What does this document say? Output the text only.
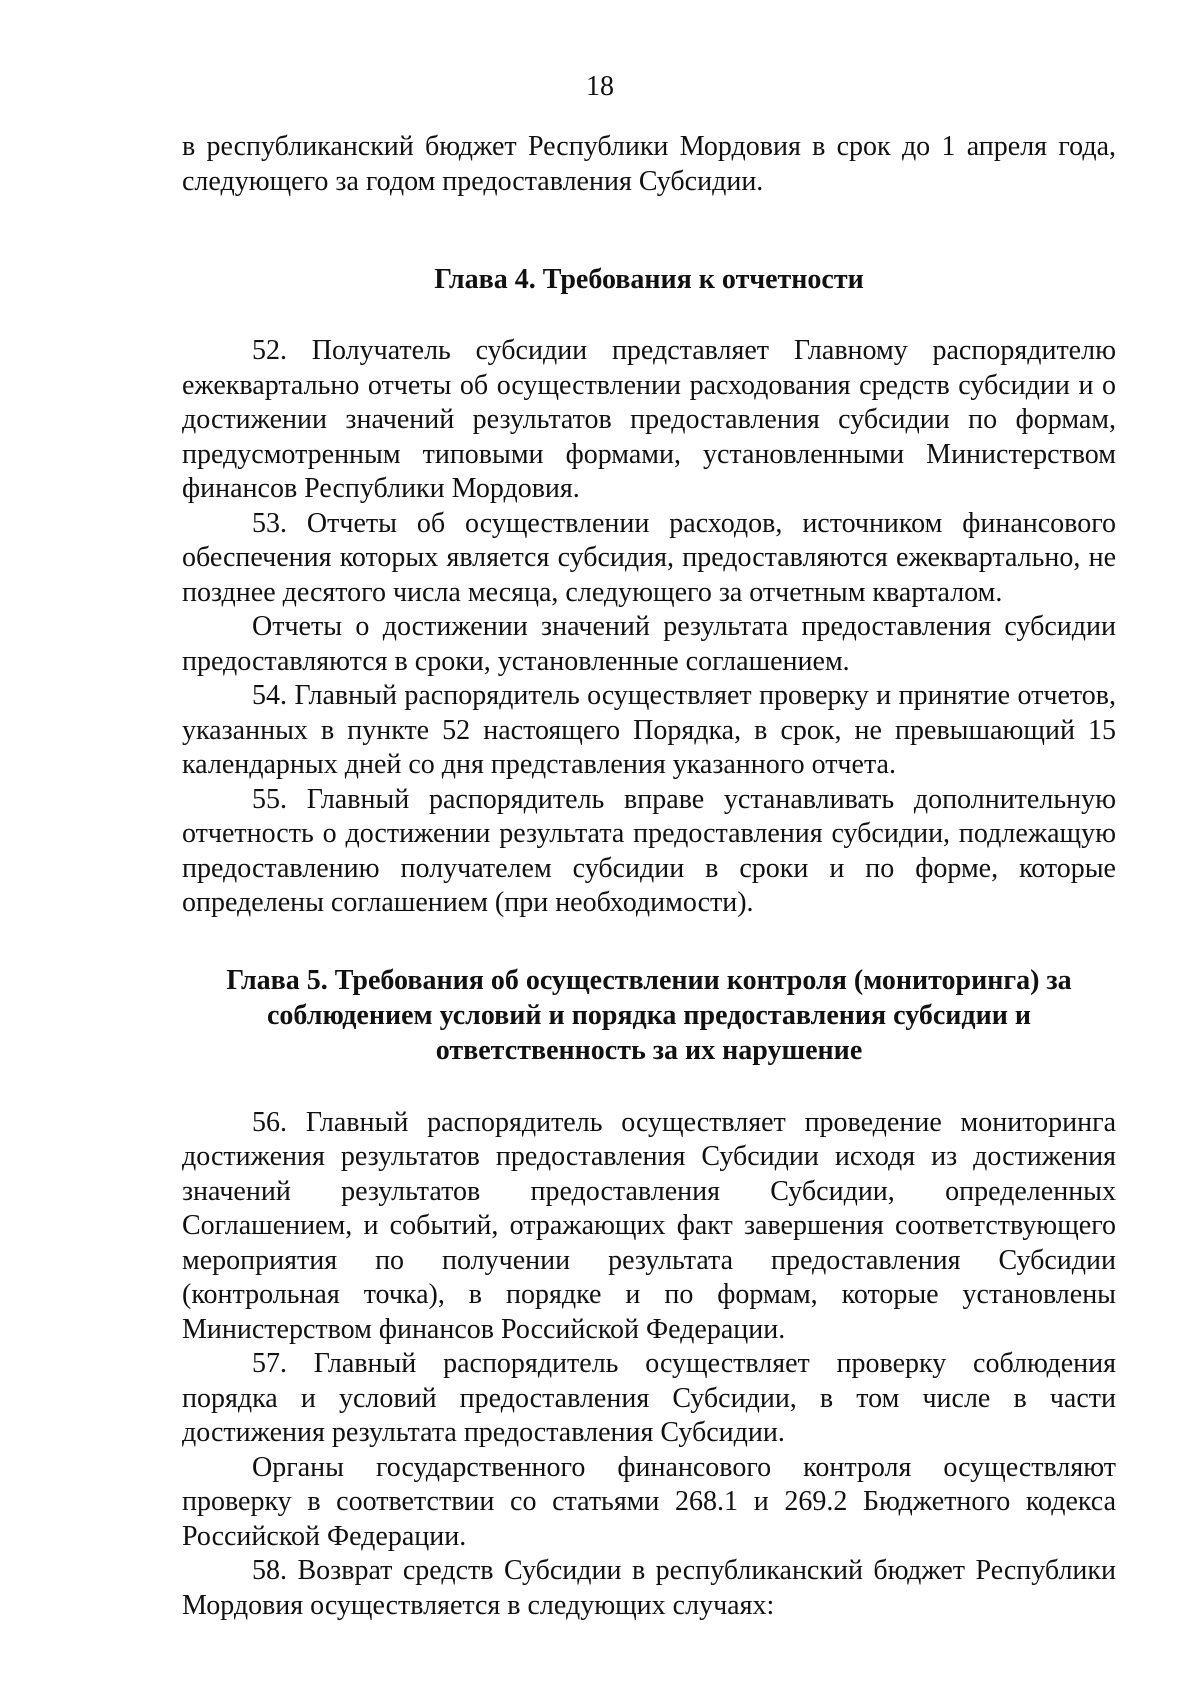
18

в республиканский бюджет Республики Мордовия в срок до 1 апреля года, следующего за годом предоставления Субсидии.

Глава 4. Требования к отчетности

52. Получатель субсидии представляет Главному распорядителю ежеквартально отчеты об осуществлении расходования средств субсидии и о достижении значений результатов предоставления субсидии по формам, предусмотренным типовыми формами, установленными Министерством финансов Республики Мордовия.

53. Отчеты об осуществлении расходов, источником финансового обеспечения которых является субсидия, предоставляются ежеквартально, не позднее десятого числа месяца, следующего за отчетным кварталом.

Отчеты о достижении значений результата предоставления субсидии предоставляются в сроки, установленные соглашением.

54. Главный распорядитель осуществляет проверку и принятие отчетов, указанных в пункте 52 настоящего Порядка, в срок, не превышающий 15 календарных дней со дня представления указанного отчета.

55. Главный распорядитель вправе устанавливать дополнительную отчетность о достижении результата предоставления субсидии, подлежащую предоставлению получателем субсидии в сроки и по форме, которые определены соглашением (при необходимости).

Глава 5. Требования об осуществлении контроля (мониторинга) за
соблюдением условий и порядка предоставления субсидии и
ответственность за их нарушение

56. Главный распорядитель осуществляет проведение мониторинга достижения результатов предоставления Субсидии исходя из достижения значений результатов предоставления Субсидии, определенных Соглашением, и событий, отражающих факт завершения соответствующего мероприятия по получении результата предоставления Субсидии (контрольная точка), в порядке и по формам, которые установлены Министерством финансов Российской Федерации.

57. Главный распорядитель осуществляет проверку соблюдения порядка и условий предоставления Субсидии, в том числе в части достижения результата предоставления Субсидии.

Органы государственного финансового контроля осуществляют проверку в соответствии со статьями 268.1 и 269.2 Бюджетного кодекса Российской Федерации.

58. Возврат средств Субсидии в республиканский бюджет Республики Мордовия осуществляется в следующих случаях:
